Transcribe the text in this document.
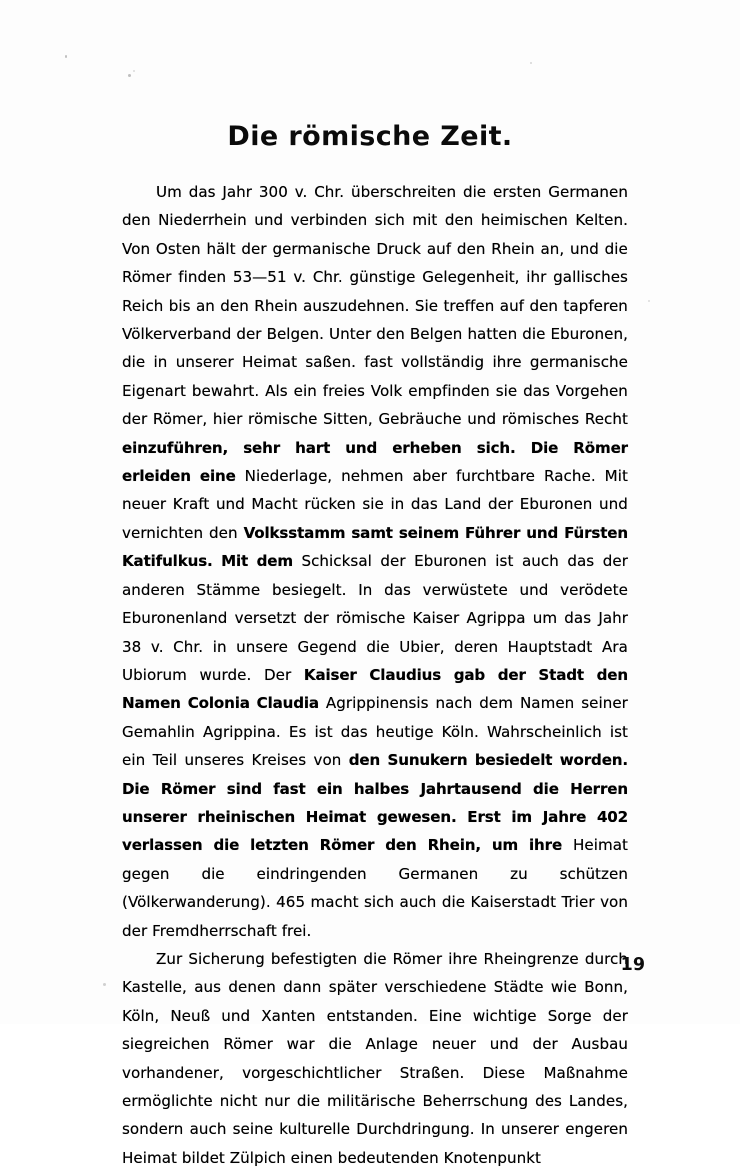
Die römische Zeit.

Um das Jahr 300 v. Chr. überschreiten die ersten Germanen den Niederrhein und verbinden sich mit den heimischen Kelten. Von Osten hält der germanische Druck auf den Rhein an, und die Römer finden 53—51 v. Chr. günstige Gelegenheit, ihr gallisches Reich bis an den Rhein auszudehnen. Sie treffen auf den tapferen Völkerverband der Belgen. Unter den Belgen hatten die Eburonen, die in unserer Heimat saßen. fast vollständig ihre germanische Eigenart bewahrt. Als ein freies Volk empfinden sie das Vorgehen der Römer, hier römische Sitten, Gebräuche und römisches Recht einzuführen, sehr hart und erheben sich. Die Römer erleiden eine Niederlage, nehmen aber furchtbare Rache. Mit neuer Kraft und Macht rücken sie in das Land der Eburonen und vernichten den Volksstamm samt seinem Führer und Fürsten Katifulkus. Mit dem Schicksal der Eburonen ist auch das der anderen Stämme besiegelt. In das verwüstete und verödete Eburonenland versetzt der römische Kaiser Agrippa um das Jahr 38 v. Chr. in unsere Gegend die Ubier, deren Hauptstadt Ara Ubiorum wurde. Der Kaiser Claudius gab der Stadt den Namen Colonia Claudia Agrippinensis nach dem Namen seiner Gemahlin Agrippina. Es ist das heutige Köln. Wahrscheinlich ist ein Teil unseres Kreises von den Sunukern besiedelt worden. Die Römer sind fast ein halbes Jahrtausend die Herren unserer rheinischen Heimat gewesen. Erst im Jahre 402 verlassen die letzten Römer den Rhein, um ihre Heimat gegen die eindringenden Germanen zu schützen (Völkerwanderung). 465 macht sich auch die Kaiserstadt Trier von der Fremdherrschaft frei.

Zur Sicherung befestigten die Römer ihre Rheingrenze durch Kastelle, aus denen dann später verschiedene Städte wie Bonn, Köln, Neuß und Xanten entstanden. Eine wichtige Sorge der siegreichen Römer war die Anlage neuer und der Ausbau vorhandener, vorgeschichtlicher Straßen. Diese Maßnahme ermöglichte nicht nur die militärische Beherrschung des Landes, sondern auch seine kulturelle Durchdringung. In unserer engeren Heimat bildet Zülpich einen bedeutenden Knotenpunkt

19
